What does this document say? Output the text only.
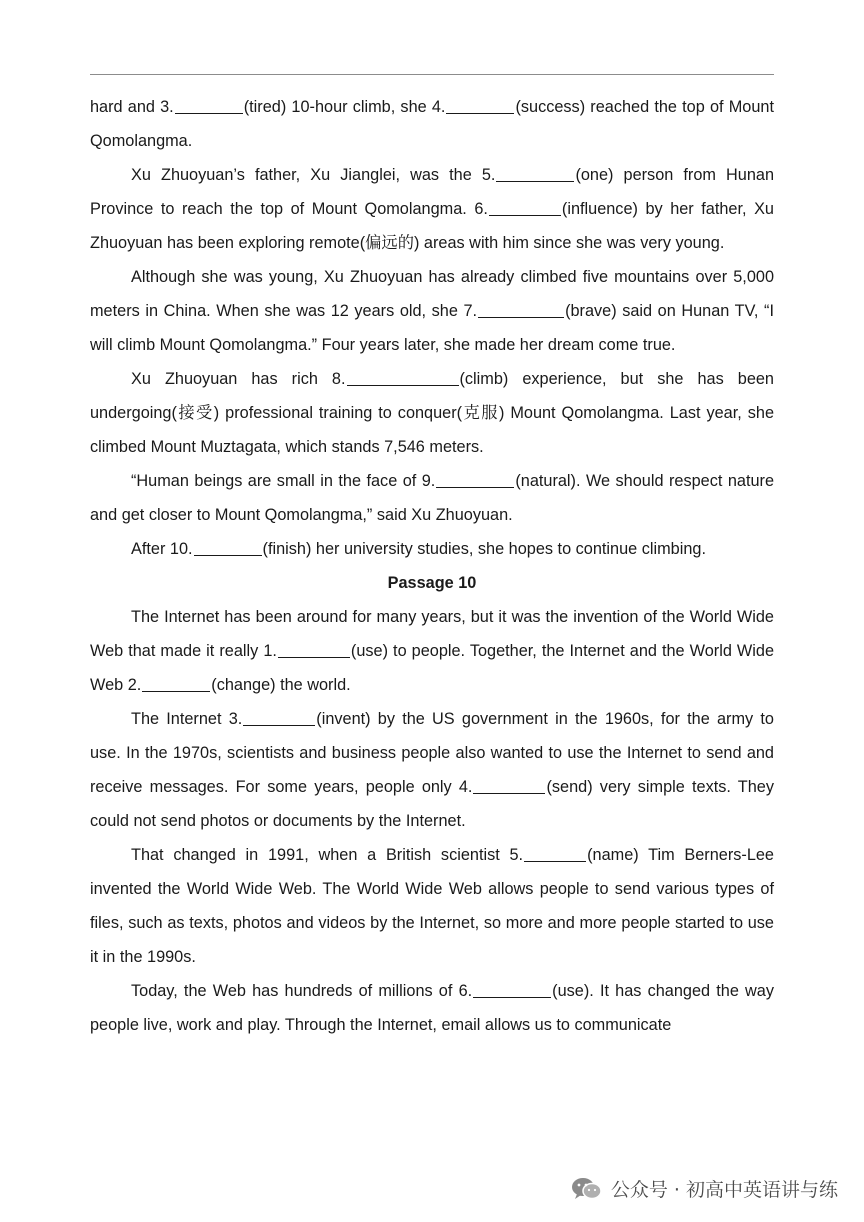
hard and 3.	(tired) 10-hour climb, she 4.	(success) reached the top of Mount Qomolangma.

Xu Zhuoyuan’s father, Xu Jianglei, was the 5.	(one) person from Hunan Province to reach the top of Mount Qomolangma. 6.	(influence) by her father, Xu Zhuoyuan has been exploring remote(偏远的) areas with him since she was very young.

Although she was young, Xu Zhuoyuan has already climbed five mountains over 5,000 meters in China. When she was 12 years old, she 7.	(brave) said on Hunan TV, “I will climb Mount Qomolangma.” Four years later, she made her dream come true.

Xu Zhuoyuan has rich 8.	(climb) experience, but she has been undergoing(接受) professional training to conquer(克服) Mount Qomolangma. Last year, she climbed Mount Muztagata, which stands 7,546 meters.

“Human beings are small in the face of 9.	(natural). We should respect nature and get closer to Mount Qomolangma,” said Xu Zhuoyuan.

After 10.	(finish) her university studies, she hopes to continue climbing.

Passage 10

The Internet has been around for many years, but it was the invention of the World Wide Web that made it really 1.	(use) to people. Together, the Internet and the World Wide Web 2.	(change) the world.

The Internet 3.	(invent) by the US government in the 1960s, for the army to use. In the 1970s, scientists and business people also wanted to use the Internet to send and receive messages. For some years, people only 4.	(send) very simple texts. They could not send photos or documents by the Internet.

That changed in 1991, when a British scientist 5.	(name) Tim Berners-Lee invented the World Wide Web. The World Wide Web allows people to send various types of files, such as texts, photos and videos by the Internet, so more and more people started to use it in the 1990s.

Today, the Web has hundreds of millions of 6.	(use). It has changed the way people live, work and play. Through the Internet, email allows us to communicate

公众号 · 初高中英语讲与练
